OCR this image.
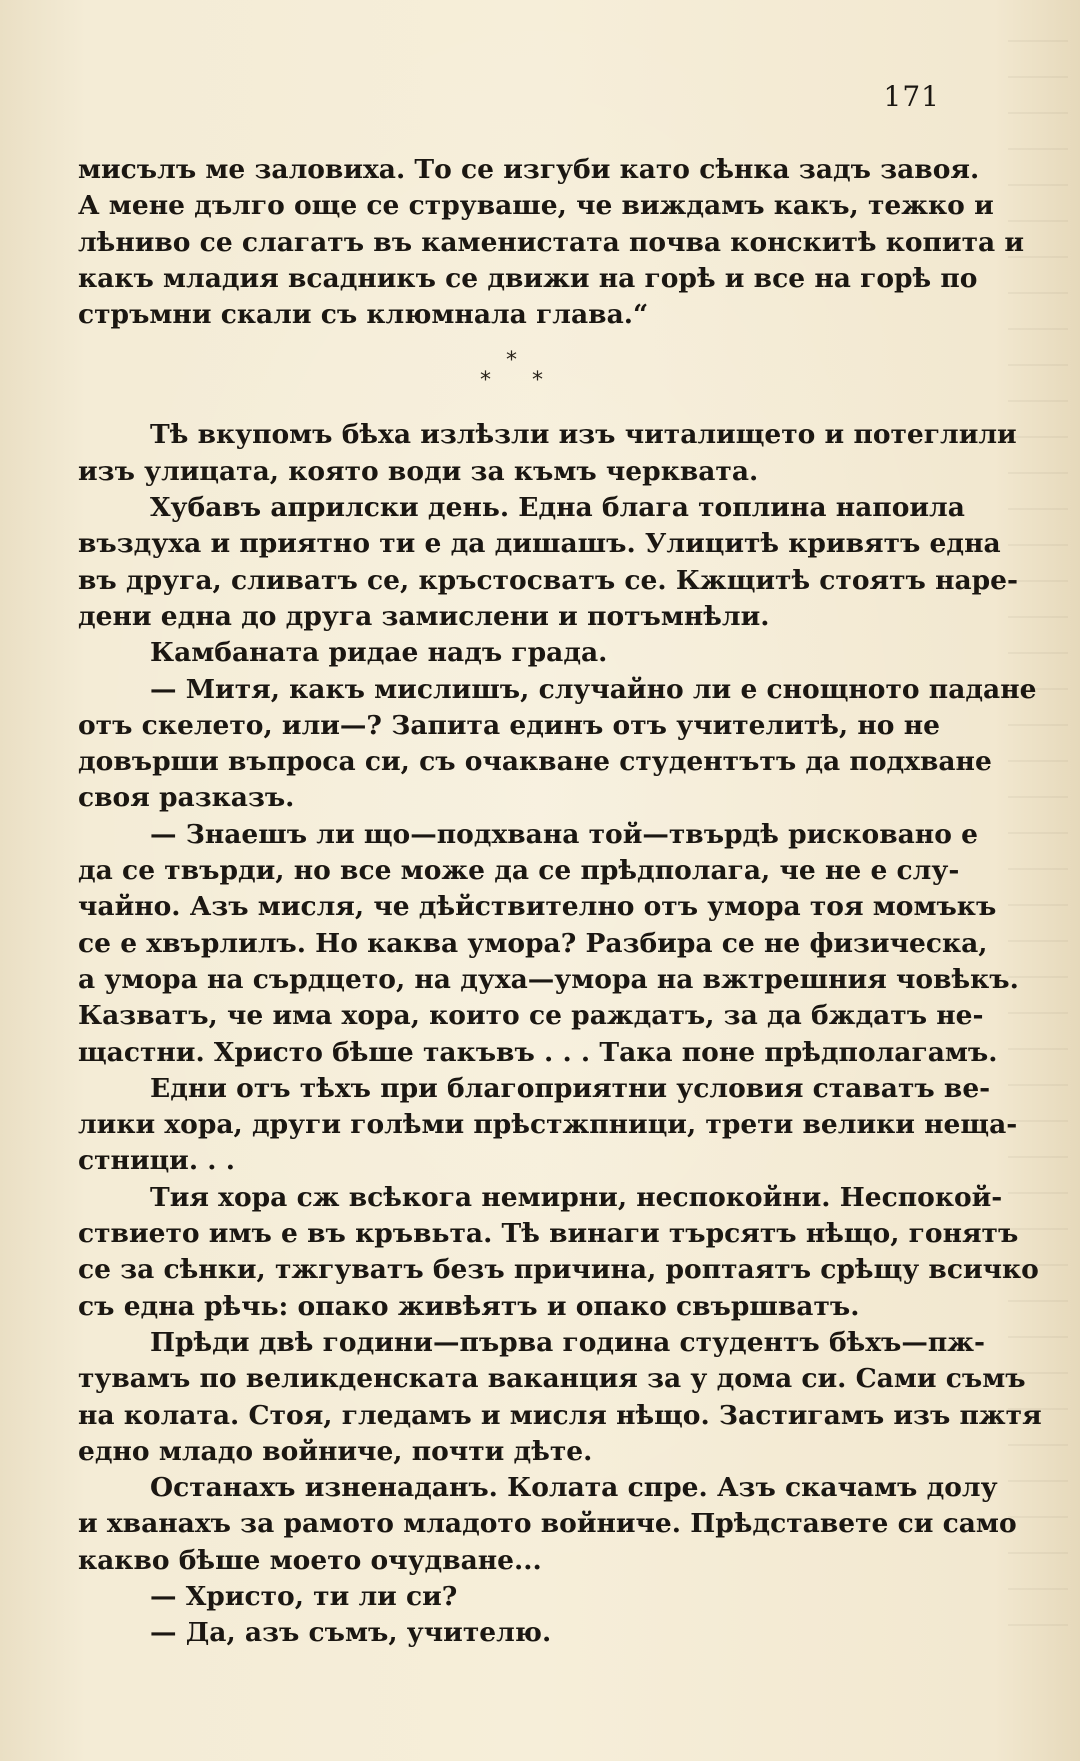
171
*
* *
мисълъ ме заловиха. То се изгуби като сѣнка задъ завоя.
А мене дълго още се струваше, че виждамъ какъ, тежко и
лѣниво се слагатъ въ каменистата почва конскитѣ копита и
какъ младия всадникъ се движи на горѣ и все на горѣ по
стръмни скали съ клюмнала глава.“
Тѣ вкупомъ бѣха излѣзли изъ читалището и потеглили
изъ улицата, която води за къмъ черквата.
Хубавъ априлски день. Една блага топлина напоила
въздуха и приятно ти е да дишашъ. Улицитѣ кривятъ една
въ друга, сливатъ се, кръстосватъ се. Кжщитѣ стоятъ наре-
дени една до друга замислени и потъмнѣли.
Камбаната ридае надъ града.
— Митя, какъ мислишъ, случайно ли е снощното падане
отъ скелето, или—? Запита единъ отъ учителитѣ, но не
довърши въпроса си, съ очакване студентътъ да подхване
своя разказъ.
— Знаешъ ли що—подхвана той—твърдѣ рисковано е
да се твърди, но все може да се прѣдполага, че не е слу-
чайно. Азъ мисля, че дѣйствително отъ умора тоя момъкъ
се е хвърлилъ. Но каква умора? Разбира се не физическа,
а умора на сърдцето, на духа—умора на вжтрешния човѣкъ.
Казватъ, че има хора, които се раждатъ, за да бждатъ не-
щастни. Христо бѣше такъвъ . . . Така поне прѣдполагамъ.
Едни отъ тѣхъ при благоприятни условия ставатъ ве-
лики хора, други голѣми прѣстжпници, трети велики нещa-
стници. . .
Тия хора сж всѣкога немирни, неспокойни. Неспокой-
ствието имъ е въ кръвьта. Тѣ винаги търсятъ нѣщо, гонятъ
се за сѣнки, тжгуватъ безъ причина, роптаятъ срѣщу всичко
съ една рѣчь: опако живѣятъ и опако свършватъ.
Прѣди двѣ години—първа година студентъ бѣхъ—пж-
тувамъ по великденската ваканция за у дома си. Сами съмъ
на колата. Стоя, гледамъ и мисля нѣщо. Застигамъ изъ пжтя
едно младо войниче, почти дѣте.
Останахъ изненаданъ. Колата спре. Азъ скачамъ долу
и хванахъ за рамото младото войниче. Прѣдставете си само
какво бѣше моето очудване...
— Христо, ти ли си?
— Да, азъ съмъ, учителю.
